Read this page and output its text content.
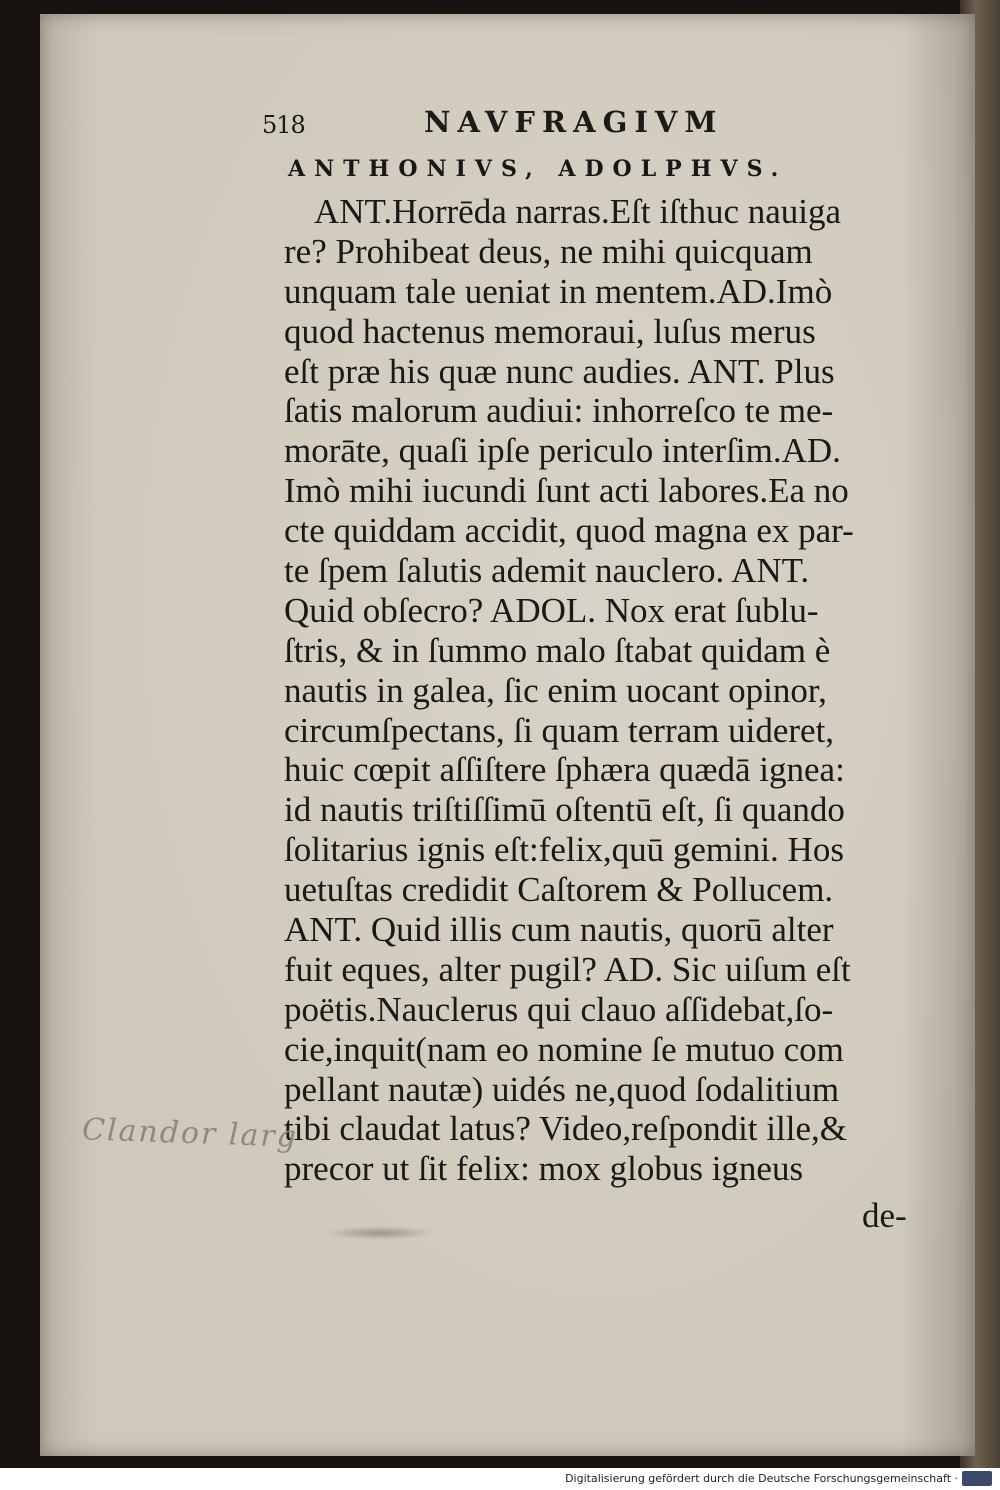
518	NAVFRAGIVM
ANTHONIVS, ADOLPHVS.
ANT.Horrēda narras.Eſt iſthuc nauiga
re? Prohibeat deus, ne mihi quicquam
unquam tale ueniat in mentem.AD.Imò
quod hactenus memoraui, luſus merus
eſt præ his quæ nunc audies. ANT. Plus
ſatis malorum audiui: inhorreſco te me-
morāte, quaſi ipſe periculo interſim.AD.
Imò mihi iucundi ſunt acti labores.Ea no
cte quiddam accidit, quod magna ex par-
te ſpem ſalutis ademit nauclero. ANT.
Quid obſecro? ADOL. Nox erat ſublu-
ſtris, & in ſummo malo ſtabat quidam è
nautis in galea, ſic enim uocant opinor,
circumſpectans, ſi quam terram uideret,
huic cœpit aſſiſtere ſphæra quædā ignea:
id nautis triſtiſſimū oſtentū eſt, ſi quando
ſolitarius ignis eſt:felix,quū gemini. Hos
uetuſtas credidit Caſtorem & Pollucem.
ANT. Quid illis cum nautis, quorū alter
fuit eques, alter pugil? AD. Sic uiſum eſt
poëtis.Nauclerus qui clauo aſſidebat,ſo-
cie,inquit(nam eo nomine ſe mutuo com
pellant nautæ) uidés ne,quod ſodalitium
tibi claudat latus? Video,reſpondit ille,&
precor ut ſit felix: mox globus igneus
de-
Clandor larg
Digitalisierung gefördert durch die Deutsche Forschungsgemeinschaft ·
